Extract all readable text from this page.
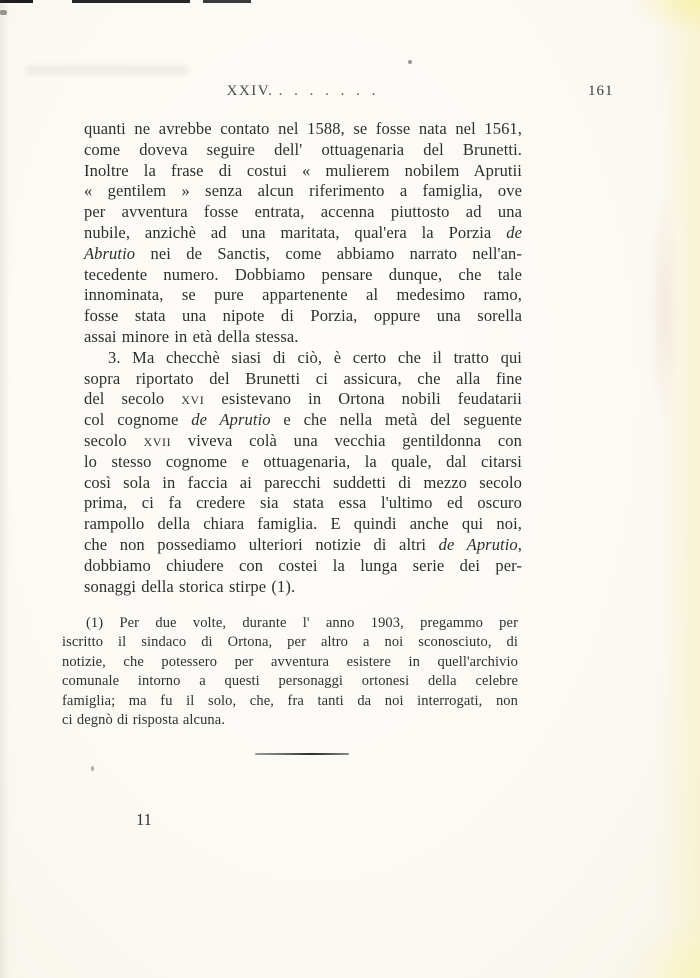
XXIV. . . . . . . .	161
quanti ne avrebbe contato nel 1588, se fosse nata nel 1561,
come doveva seguire dell' ottuagenaria del Brunetti.
Inoltre la frase di costui « mulierem nobilem Aprutii
« gentilem » senza alcun riferimento a famiglia, ove
per avventura fosse entrata, accenna piuttosto ad una
nubile, anzichè ad una maritata, qual'era la Porzia de
Abrutio nei de Sanctis, come abbiamo narrato nell'an-
tecedente numero. Dobbiamo pensare dunque, che tale
innominata, se pure appartenente al medesimo ramo,
fosse stata una nipote di Porzia, oppure una sorella
assai minore in età della stessa.
3. Ma checchè siasi di ciò, è certo che il tratto qui
sopra riportato del Brunetti ci assicura, che alla fine
del secolo xvi esistevano in Ortona nobili feudatarii
col cognome de Aprutio e che nella metà del seguente
secolo xvii viveva colà una vecchia gentildonna con
lo stesso cognome e ottuagenaria, la quale, dal citarsi
così sola in faccia ai parecchi suddetti di mezzo secolo
prima, ci fa credere sia stata essa l'ultimo ed oscuro
rampollo della chiara famiglia. E quindi anche qui noi,
che non possediamo ulteriori notizie di altri de Aprutio,
dobbiamo chiudere con costei la lunga serie dei per-
sonaggi della storica stirpe (1).
(1) Per due volte, durante l' anno 1903, pregammo per
iscritto il sindaco di Ortona, per altro a noi sconosciuto, di
notizie, che potessero per avventura esistere in quell'archivio
comunale intorno a questi personaggi ortonesi della celebre
famiglia; ma fu il solo, che, fra tanti da noi interrogati, non
ci degnò di risposta alcuna.
11
